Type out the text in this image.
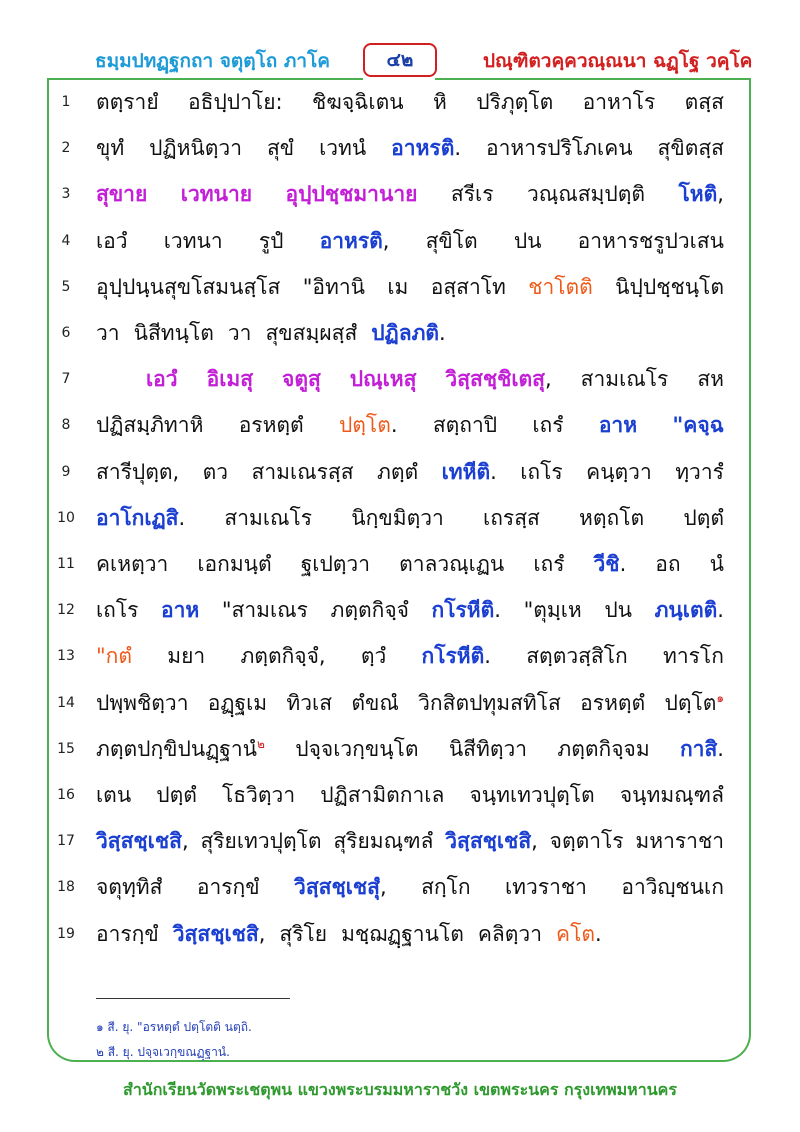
ธมฺมปทฏฺฐกถา จตุตฺโถ ภาโค	๔๒	ปณฺฑิตวคฺควณฺณนา ฉฏฺโฐ วคฺโค
1	ตตฺรายํ อธิปฺปาโย: ชิฆจฺฉิเตน หิ ปริภุตฺโต อาหาโร ตสฺส
2	ขุทํ ปฏิหนิตฺวา สุขํ เวทนํ อาหรติ. อาหารปริโภเคน สุขิตสฺส
3	สุขาย เวทนาย อุปฺปชฺชมานาย สรีเร วณฺณสมฺปตฺติ โหติ,
4	เอวํ เวทนา รูปํ อาหรติ, สุขิโต ปน อาหารชรูปวเสน
5	อุปฺปนฺนสุขโสมนสฺโส "อิทานิ เม อสฺสาโท ชาโตติ นิปฺปชฺชนฺโต
6	วา นิสีทนฺโต วา สุขสมฺผสฺสํ ปฏิลภติ.
7	เอวํ อิเมสุ จตูสุ ปณฺเหสุ วิสฺสชฺชิเตสุ, สามเณโร สห
8	ปฏิสมฺภิทาหิ อรหตฺตํ ปตฺโต. สตฺถาปิ เถรํ อาห "คจฺฉ
9	สารีปุตฺต, ตว สามเณรสฺส ภตฺตํ เทหีติ. เถโร คนฺตฺวา ทฺวารํ
10 อาโกเฏสิ. สามเณโร นิกฺขมิตฺวา เถรสฺส หตฺถโต ปตฺตํ
11 คเหตฺวา เอกมนฺตํ ฐเปตฺวา ตาลวณฺเฏน เถรํ วีชิ. อถ นํ
12 เถโร อาห "สามเณร ภตฺตกิจฺจํ กโรหีติ. "ตุมฺเห ปน ภนฺเตติ.
13 "กตํ มยา ภตฺตกิจฺจํ, ตฺวํ กโรหีติ. สตฺตวสฺสิโก ทารโก
14 ปพฺพชิตฺวา อฏฺฐเม ทิวเส ตํขณํ วิกสิตปทุมสทิโส อรหตฺตํ ปตฺโต$^๑$
15 ภตฺตปกฺขิปนฏฺฐานํ$^๒$ ปจฺจเวกฺขนฺโต นิสีทิตฺวา ภตฺตกิจฺจม กาสิ.
16 เตน ปตฺตํ โธวิตฺวา ปฏิสามิตกาเล จนฺทเทวปุตฺโต จนฺทมณฺฑลํ
17 วิสฺสชฺเชสิ, สุริยเทวปุตฺโต สุริยมณฺฑลํ วิสฺสชฺเชสิ, จตฺตาโร มหาราชา
18 จตุทฺทิสํ อารกฺขํ วิสฺสชฺเชสุํ, สกฺโก เทวราชา อาวิญฺชนเก
19 อารกฺขํ วิสฺสชฺเชสิ, สุริโย มชฺฌฏฺฐานโต คลิตฺวา คโต.
๑ สี. ยุ. "อรหตฺตํ ปตฺโตติ นตฺถิ.
๒ สี. ยุ. ปจฺจเวกฺขณฏฺฐานํ.
สำนักเรียนวัดพระเชตุพน แขวงพระบรมมหาราชวัง เขตพระนคร กรุงเทพมหานคร
